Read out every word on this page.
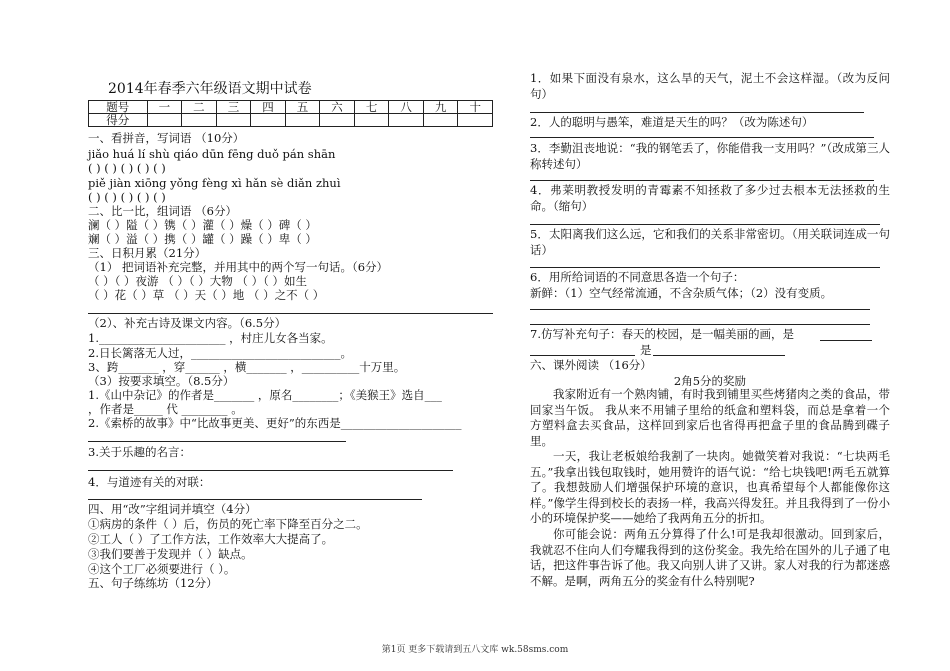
2014年春季六年级语文期中试卷
题号	一	二	三	四	五	六	七	八	九	十
得分										
一、看拼音，写词语 （10分）
jiǎo huá lí shù qiáo dūn fēng duǒ pán shān
( ) ( ) ( ) ( ) ( )
piě jiàn xiōng yǒng fèng xì hǎn sè diǎn zhuì
( ) ( ) ( ) ( ) ( )
二、比一比，组词语 （6分）
澜（ ）隘（ ）镌（ ）灌（ ）燥（ ）碑（ ）
斓（ ）溢（ ）携（ ）罐（ ）躁（ ）卑（ ）
三、日积月累（21分）
（1） 把词语补充完整，并用其中的两个写一句话。（6分）
（ ）（ ）夜游 （ ）（ ）大物 （ ）（ ）如生
（ ）花（ ）草 （ ）天（ ）地 （ ）之不（ ）
（2）、补充古诗及课文内容。（6.5分）
1.______________________ ，村庄儿女各当家。
2.日长篱落无人过，__________________________。
3、跨_______ ，穿______ ，横_______ ，__________十万里。
（3）按要求填空。（8.5分）
1.《山中杂记》的作者是_______ ，原名________；《美猴王》选自___
，作者是_____ 代 ________ 。
2.《索桥的故事》中“比故事更美、更好”的东西是_____________________
3.关于乐趣的名言：
4．与道迹有关的对联：
四、用“改”字组词并填空（4分）
①病房的条件（ ）后，伤员的死亡率下降至百分之二。
②工人（ ）了工作方法，工作效率大大提高了。
③我们要善于发现并（ ）缺点。
④这个工厂必须要进行（ ）。
五、句子练练坊（12分）
1．如果下面没有泉水，这么旱的天气，泥土不会这样湿。（改为反问句）
2．人的聪明与愚笨，难道是天生的吗？（改为陈述句）
3．李勤沮丧地说：“我的钢笔丢了，你能借我一支用吗？”（改成第三人称转述句）
4．弗莱明教授发明的青霉素不知拯救了多少过去根本无法拯救的生命。（缩句）
5．太阳离我们这么远，它和我们的关系非常密切。（用关联词连成一句话）
6．用所给词语的不同意思各造一个句子：
新鲜：（1）空气经常流通，不含杂质气体；（2）没有变质。
7.仿写补充句子：春天的校园，是一幅美丽的画，是
是
六、课外阅读 （16分）
2角5分的奖励
我家附近有一个熟肉铺，有时我到铺里买些烤猪肉之类的食品，带回家当午饭。 我从来不用铺子里给的纸盒和塑料袋，而总是拿着一个方塑料盒去买食品，这样回到家后也省得再把盒子里的食品腾到碟子里。
一天，我让老板娘给我割了一块肉。她微笑着对我说：“七块两毛五。”我拿出钱包取钱时，她用赞许的语气说：“给七块钱吧!两毛五就算了。我想鼓励人们增强保护环境的意识，也真希望每个人都能像你这样。”像学生得到校长的表扬一样，我高兴得发狂。并且我得到了一份小小的环境保护奖——她给了我两角五分的折扣。
你可能会说：两角五分算得了什么!可是我却很激动。回到家后，我就忍不住向人们夸耀我得到的这份奖金。我先给在国外的儿子通了电话，把这件事告诉了他。我又向别人讲了又讲。家人对我的行为都迷惑不解。是啊，两角五分的奖金有什么特别呢?
第1页 更多下载请到五八文库 wk.58sms.com
